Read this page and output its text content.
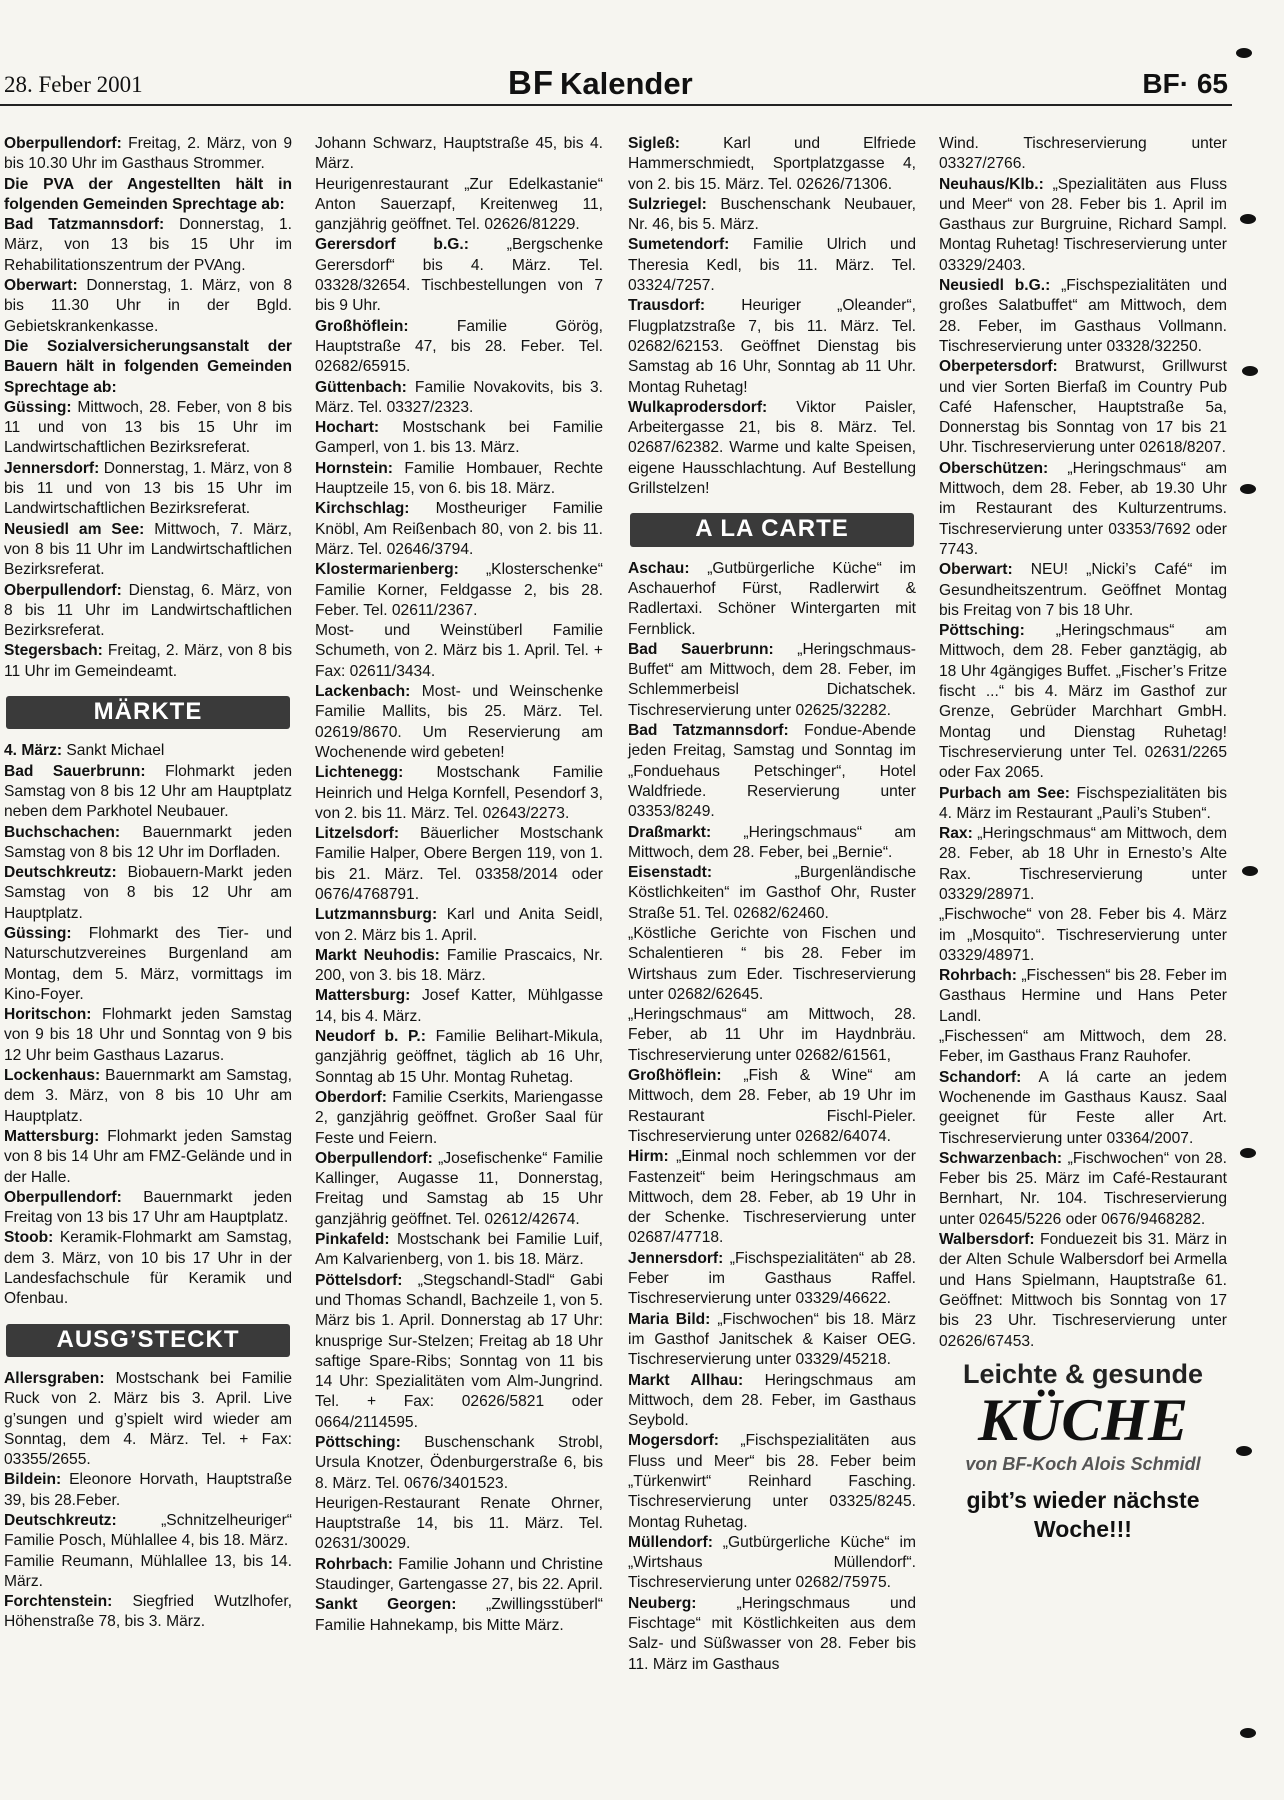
28. Feber 2001	BF Kalender	BF· 65

Oberpullendorf: Freitag, 2. März, von 9 bis 10.30 Uhr im Gasthaus Strommer.

Die PVA der Angestellten hält in folgenden Gemeinden Sprechtage ab:

Bad Tatzmannsdorf: Donnerstag, 1. März, von 13 bis 15 Uhr im Rehabilitationszentrum der PVAng.

Oberwart: Donnerstag, 1. März, von 8 bis 11.30 Uhr in der Bgld. Gebietskrankenkasse.

Die Sozialversicherungsanstalt der Bauern hält in folgenden Gemeinden Sprechtage ab:

Güssing: Mittwoch, 28. Feber, von 8 bis 11 und von 13 bis 15 Uhr im Landwirtschaftlichen Bezirksreferat.

Jennersdorf: Donnerstag, 1. März, von 8 bis 11 und von 13 bis 15 Uhr im Landwirtschaftlichen Bezirksreferat.

Neusiedl am See: Mittwoch, 7. März, von 8 bis 11 Uhr im Landwirtschaftlichen Bezirksreferat.

Oberpullendorf: Dienstag, 6. März, von 8 bis 11 Uhr im Landwirtschaftlichen Bezirksreferat.

Stegersbach: Freitag, 2. März, von 8 bis 11 Uhr im Gemeindeamt.

MÄRKTE

4. März: Sankt Michael

Bad Sauerbrunn: Flohmarkt jeden Samstag von 8 bis 12 Uhr am Hauptplatz neben dem Parkhotel Neubauer.

Buchschachen: Bauernmarkt jeden Samstag von 8 bis 12 Uhr im Dorfladen.

Deutschkreutz: Biobauern-Markt jeden Samstag von 8 bis 12 Uhr am Hauptplatz.

Güssing: Flohmarkt des Tier- und Naturschutzvereines Burgenland am Montag, dem 5. März, vormittags im Kino-Foyer.

Horitschon: Flohmarkt jeden Samstag von 9 bis 18 Uhr und Sonntag von 9 bis 12 Uhr beim Gasthaus Lazarus.

Lockenhaus: Bauernmarkt am Samstag, dem 3. März, von 8 bis 10 Uhr am Hauptplatz.

Mattersburg: Flohmarkt jeden Samstag von 8 bis 14 Uhr am FMZ-Gelände und in der Halle.

Oberpullendorf: Bauernmarkt jeden Freitag von 13 bis 17 Uhr am Hauptplatz.

Stoob: Keramik-Flohmarkt am Samstag, dem 3. März, von 10 bis 17 Uhr in der Landesfachschule für Keramik und Ofenbau.

AUSG’STECKT

Allersgraben: Mostschank bei Familie Ruck von 2. März bis 3. April. Live g’sungen und g’spielt wird wieder am Sonntag, dem 4. März. Tel. + Fax: 03355/2655.

Bildein: Eleonore Horvath, Hauptstraße 39, bis 28.Feber.

Deutschkreutz: „Schnitzelheuriger“ Familie Posch, Mühlallee 4, bis 18. März.

Familie Reumann, Mühlallee 13, bis 14. März.

Forchtenstein: Siegfried Wutzlhofer, Höhenstraße 78, bis 3. März.

Johann Schwarz, Hauptstraße 45, bis 4. März.

Heurigenrestaurant „Zur Edelkastanie“ Anton Sauerzapf, Kreitenweg 11, ganzjährig geöffnet. Tel. 02626/81229.

Gerersdorf b.G.: „Bergschenke Gerersdorf“ bis 4. März. Tel. 03328/32654. Tischbestellungen von 7 bis 9 Uhr.

Großhöflein: Familie Görög, Hauptstraße 47, bis 28. Feber. Tel. 02682/65915.

Güttenbach: Familie Novakovits, bis 3. März. Tel. 03327/2323.

Hochart: Mostschank bei Familie Gamperl, von 1. bis 13. März.

Hornstein: Familie Hombauer, Rechte Hauptzeile 15, von 6. bis 18. März.

Kirchschlag: Mostheuriger Familie Knöbl, Am Reißenbach 80, von 2. bis 11. März. Tel. 02646/3794.

Klostermarienberg: „Klosterschenke“ Familie Korner, Feldgasse 2, bis 28. Feber. Tel. 02611/2367.

Most- und Weinstüberl Familie Schumeth, von 2. März bis 1. April. Tel. + Fax: 02611/3434.

Lackenbach: Most- und Weinschenke Familie Mallits, bis 25. März. Tel. 02619/8670. Um Reservierung am Wochenende wird gebeten!

Lichtenegg: Mostschank Familie Heinrich und Helga Kornfell, Pesendorf 3, von 2. bis 11. März. Tel. 02643/2273.

Litzelsdorf: Bäuerlicher Mostschank Familie Halper, Obere Bergen 119, von 1. bis 21. März. Tel. 03358/2014 oder 0676/4768791.

Lutzmannsburg: Karl und Anita Seidl, von 2. März bis 1. April.

Markt Neuhodis: Familie Prascaics, Nr. 200, von 3. bis 18. März.

Mattersburg: Josef Katter, Mühlgasse 14, bis 4. März.

Neudorf b. P.: Familie Belihart-Mikula, ganzjährig geöffnet, täglich ab 16 Uhr, Sonntag ab 15 Uhr. Montag Ruhetag.

Oberdorf: Familie Cserkits, Mariengasse 2, ganzjährig geöffnet. Großer Saal für Feste und Feiern.

Oberpullendorf: „Josefischenke“ Familie Kallinger, Augasse 11, Donnerstag, Freitag und Samstag ab 15 Uhr ganzjährig geöffnet. Tel. 02612/42674.

Pinkafeld: Mostschank bei Familie Luif, Am Kalvarienberg, von 1. bis 18. März.

Pöttelsdorf: „Stegschandl-Stadl“ Gabi und Thomas Schandl, Bachzeile 1, von 5. März bis 1. April. Donnerstag ab 17 Uhr: knusprige Sur-Stelzen; Freitag ab 18 Uhr saftige Spare-Ribs; Sonntag von 11 bis 14 Uhr: Spezialitäten vom Alm-Jungrind. Tel. + Fax: 02626/5821 oder 0664/2114595.

Pöttsching: Buschenschank Strobl, Ursula Knotzer, Ödenburgerstraße 6, bis 8. März. Tel. 0676/3401523.

Heurigen-Restaurant Renate Ohrner, Hauptstraße 14, bis 11. März. Tel. 02631/30029.

Rohrbach: Familie Johann und Christine Staudinger, Gartengasse 27, bis 22. April.

Sankt Georgen: „Zwillingsstüberl“ Familie Hahnekamp, bis Mitte März.

Sigleß: Karl und Elfriede Hammerschmiedt, Sportplatzgasse 4, von 2. bis 15. März. Tel. 02626/71306.

Sulzriegel: Buschenschank Neubauer, Nr. 46, bis 5. März.

Sumetendorf: Familie Ulrich und Theresia Kedl, bis 11. März. Tel. 03324/7257.

Trausdorf: Heuriger „Oleander“, Flugplatzstraße 7, bis 11. März. Tel. 02682/62153. Geöffnet Dienstag bis Samstag ab 16 Uhr, Sonntag ab 11 Uhr. Montag Ruhetag!

Wulkaprodersdorf: Viktor Paisler, Arbeitergasse 21, bis 8. März. Tel. 02687/62382. Warme und kalte Speisen, eigene Hausschlachtung. Auf Bestellung Grillstelzen!

A LA CARTE

Aschau: „Gutbürgerliche Küche“ im Aschauerhof Fürst, Radlerwirt & Radlertaxi. Schöner Wintergarten mit Fernblick.

Bad Sauerbrunn: „Heringschmaus-Buffet“ am Mittwoch, dem 28. Feber, im Schlemmerbeisl Dichatschek. Tischreservierung unter 02625/32282.

Bad Tatzmannsdorf: Fondue-Abende jeden Freitag, Samstag und Sonntag im „Fonduehaus Petschinger“, Hotel Waldfriede. Reservierung unter 03353/8249.

Draßmarkt: „Heringschmaus“ am Mittwoch, dem 28. Feber, bei „Bernie“.

Eisenstadt: „Burgenländische Köstlichkeiten“ im Gasthof Ohr, Ruster Straße 51. Tel. 02682/62460.

„Köstliche Gerichte von Fischen und Schalentieren “ bis 28. Feber im Wirtshaus zum Eder. Tischreservierung unter 02682/62645.

„Heringschmaus“ am Mittwoch, 28. Feber, ab 11 Uhr im Haydnbräu. Tischreservierung unter 02682/61561,

Großhöflein: „Fish & Wine“ am Mittwoch, dem 28. Feber, ab 19 Uhr im Restaurant Fischl-Pieler. Tischreservierung unter 02682/64074.

Hirm: „Einmal noch schlemmen vor der Fastenzeit“ beim Heringschmaus am Mittwoch, dem 28. Feber, ab 19 Uhr in der Schenke. Tischreservierung unter 02687/47718.

Jennersdorf: „Fischspezialitäten“ ab 28. Feber im Gasthaus Raffel. Tischreservierung unter 03329/46622.

Maria Bild: „Fischwochen“ bis 18. März im Gasthof Janitschek & Kaiser OEG. Tischreservierung unter 03329/45218.

Markt Allhau: Heringschmaus am Mittwoch, dem 28. Feber, im Gasthaus Seybold.

Mogersdorf: „Fischspezialitäten aus Fluss und Meer“ bis 28. Feber beim „Türkenwirt“ Reinhard Fasching. Tischreservierung unter 03325/8245. Montag Ruhetag.

Müllendorf: „Gutbürgerliche Küche“ im „Wirtshaus Müllendorf“. Tischreservierung unter 02682/75975.

Neuberg: „Heringschmaus und Fischtage“ mit Köstlichkeiten aus dem Salz- und Süßwasser von 28. Feber bis 11. März im Gasthaus

Wind. Tischreservierung unter 03327/2766.

Neuhaus/Klb.: „Spezialitäten aus Fluss und Meer“ von 28. Feber bis 1. April im Gasthaus zur Burgruine, Richard Sampl. Montag Ruhetag! Tischreservierung unter 03329/2403.

Neusiedl b.G.: „Fischspezialitäten und großes Salatbuffet“ am Mittwoch, dem 28. Feber, im Gasthaus Vollmann. Tischreservierung unter 03328/32250.

Oberpetersdorf: Bratwurst, Grillwurst und vier Sorten Bierfaß im Country Pub Café Hafenscher, Hauptstraße 5a, Donnerstag bis Sonntag von 17 bis 21 Uhr. Tischreservierung unter 02618/8207.

Oberschützen: „Heringschmaus“ am Mittwoch, dem 28. Feber, ab 19.30 Uhr im Restaurant des Kulturzentrums. Tischreservierung unter 03353/7692 oder 7743.

Oberwart: NEU! „Nicki’s Café“ im Gesundheitszentrum. Geöffnet Montag bis Freitag von 7 bis 18 Uhr.

Pöttsching: „Heringschmaus“ am Mittwoch, dem 28. Feber ganztägig, ab 18 Uhr 4gängiges Buffet. „Fischer’s Fritze fischt ...“ bis 4. März im Gasthof zur Grenze, Gebrüder Marchhart GmbH. Montag und Dienstag Ruhetag! Tischreservierung unter Tel. 02631/2265 oder Fax 2065.

Purbach am See: Fischspezialitäten bis 4. März im Restaurant „Pauli’s Stuben“.

Rax: „Heringschmaus“ am Mittwoch, dem 28. Feber, ab 18 Uhr in Ernesto’s Alte Rax. Tischreservierung unter 03329/28971.

„Fischwoche“ von 28. Feber bis 4. März im „Mosquito“. Tischreservierung unter 03329/48971.

Rohrbach: „Fischessen“ bis 28. Feber im Gasthaus Hermine und Hans Peter Landl.

„Fischessen“ am Mittwoch, dem 28. Feber, im Gasthaus Franz Rauhofer.

Schandorf: A lá carte an jedem Wochenende im Gasthaus Kausz. Saal geeignet für Feste aller Art. Tischreservierung unter 03364/2007.

Schwarzenbach: „Fischwochen“ von 28. Feber bis 25. März im Café-Restaurant Bernhart, Nr. 104. Tischreservierung unter 02645/5226 oder 0676/9468282.

Walbersdorf: Fonduezeit bis 31. März in der Alten Schule Walbersdorf bei Armella und Hans Spielmann, Hauptstraße 61. Geöffnet: Mittwoch bis Sonntag von 17 bis 23 Uhr. Tischreservierung unter 02626/67453.

Leichte & gesunde
KÜCHE
von BF-Koch Alois Schmidl
gibt’s wieder nächste Woche!!!
